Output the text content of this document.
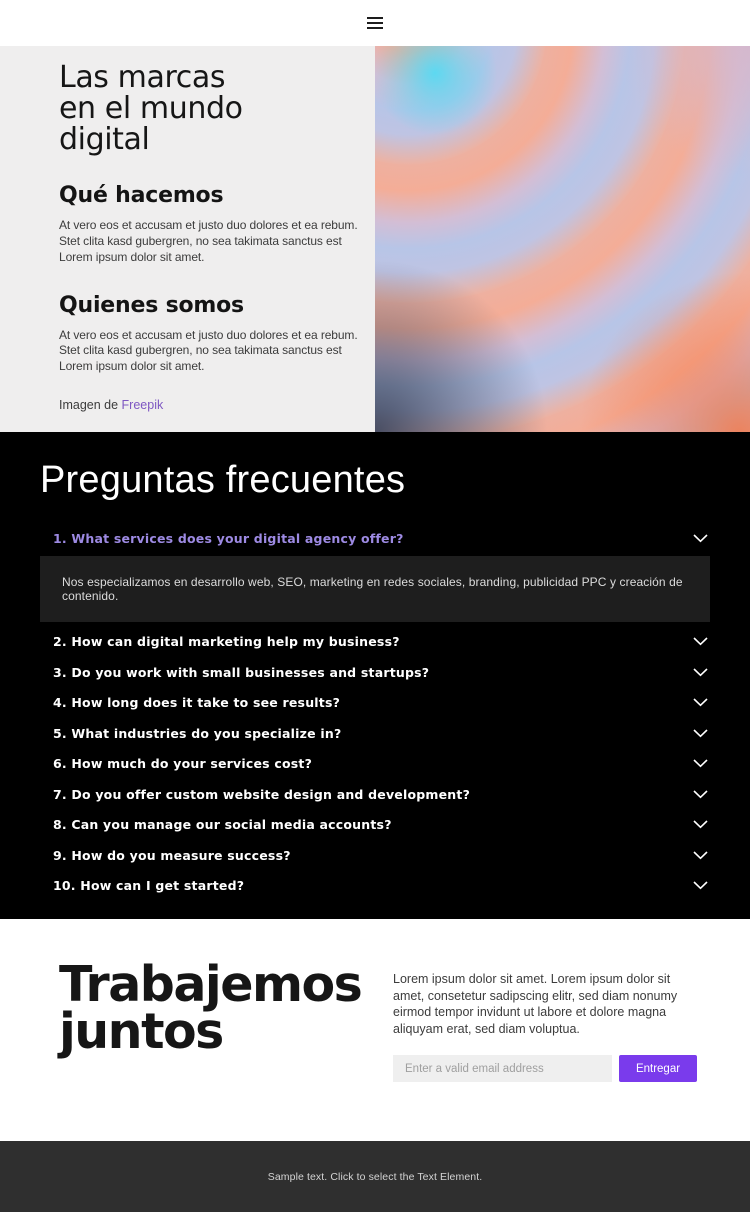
Las marcas en el mundo digital
Qué hacemos

At vero eos et accusam et justo duo dolores et ea rebum. Stet clita kasd gubergren, no sea takimata sanctus est Lorem ipsum dolor sit amet.

Quienes somos

At vero eos et accusam et justo duo dolores et ea rebum. Stet clita kasd gubergren, no sea takimata sanctus est Lorem ipsum dolor sit amet.

Imagen de Freepik

Preguntas frecuentes
1. What services does your digital agency offer?

Nos especializamos en desarrollo web, SEO, marketing en redes sociales, branding, publicidad PPC y creación de contenido.

2. How can digital marketing help my business?
3. Do you work with small businesses and startups?
4. How long does it take to see results?
5. What industries do you specialize in?
6. How much do your services cost?
7. Do you offer custom website design and development?
8. Can you manage our social media accounts?
9. How do you measure success?
10. How can I get started?
Trabajemos juntos

Lorem ipsum dolor sit amet. Lorem ipsum dolor sit amet, consetetur sadipscing elitr, sed diam nonumy eirmod tempor invidunt ut labore et dolore magna aliquyam erat, sed diam voluptua.

Enter a valid email address
Entregar

Sample text. Click to select the Text Element.
